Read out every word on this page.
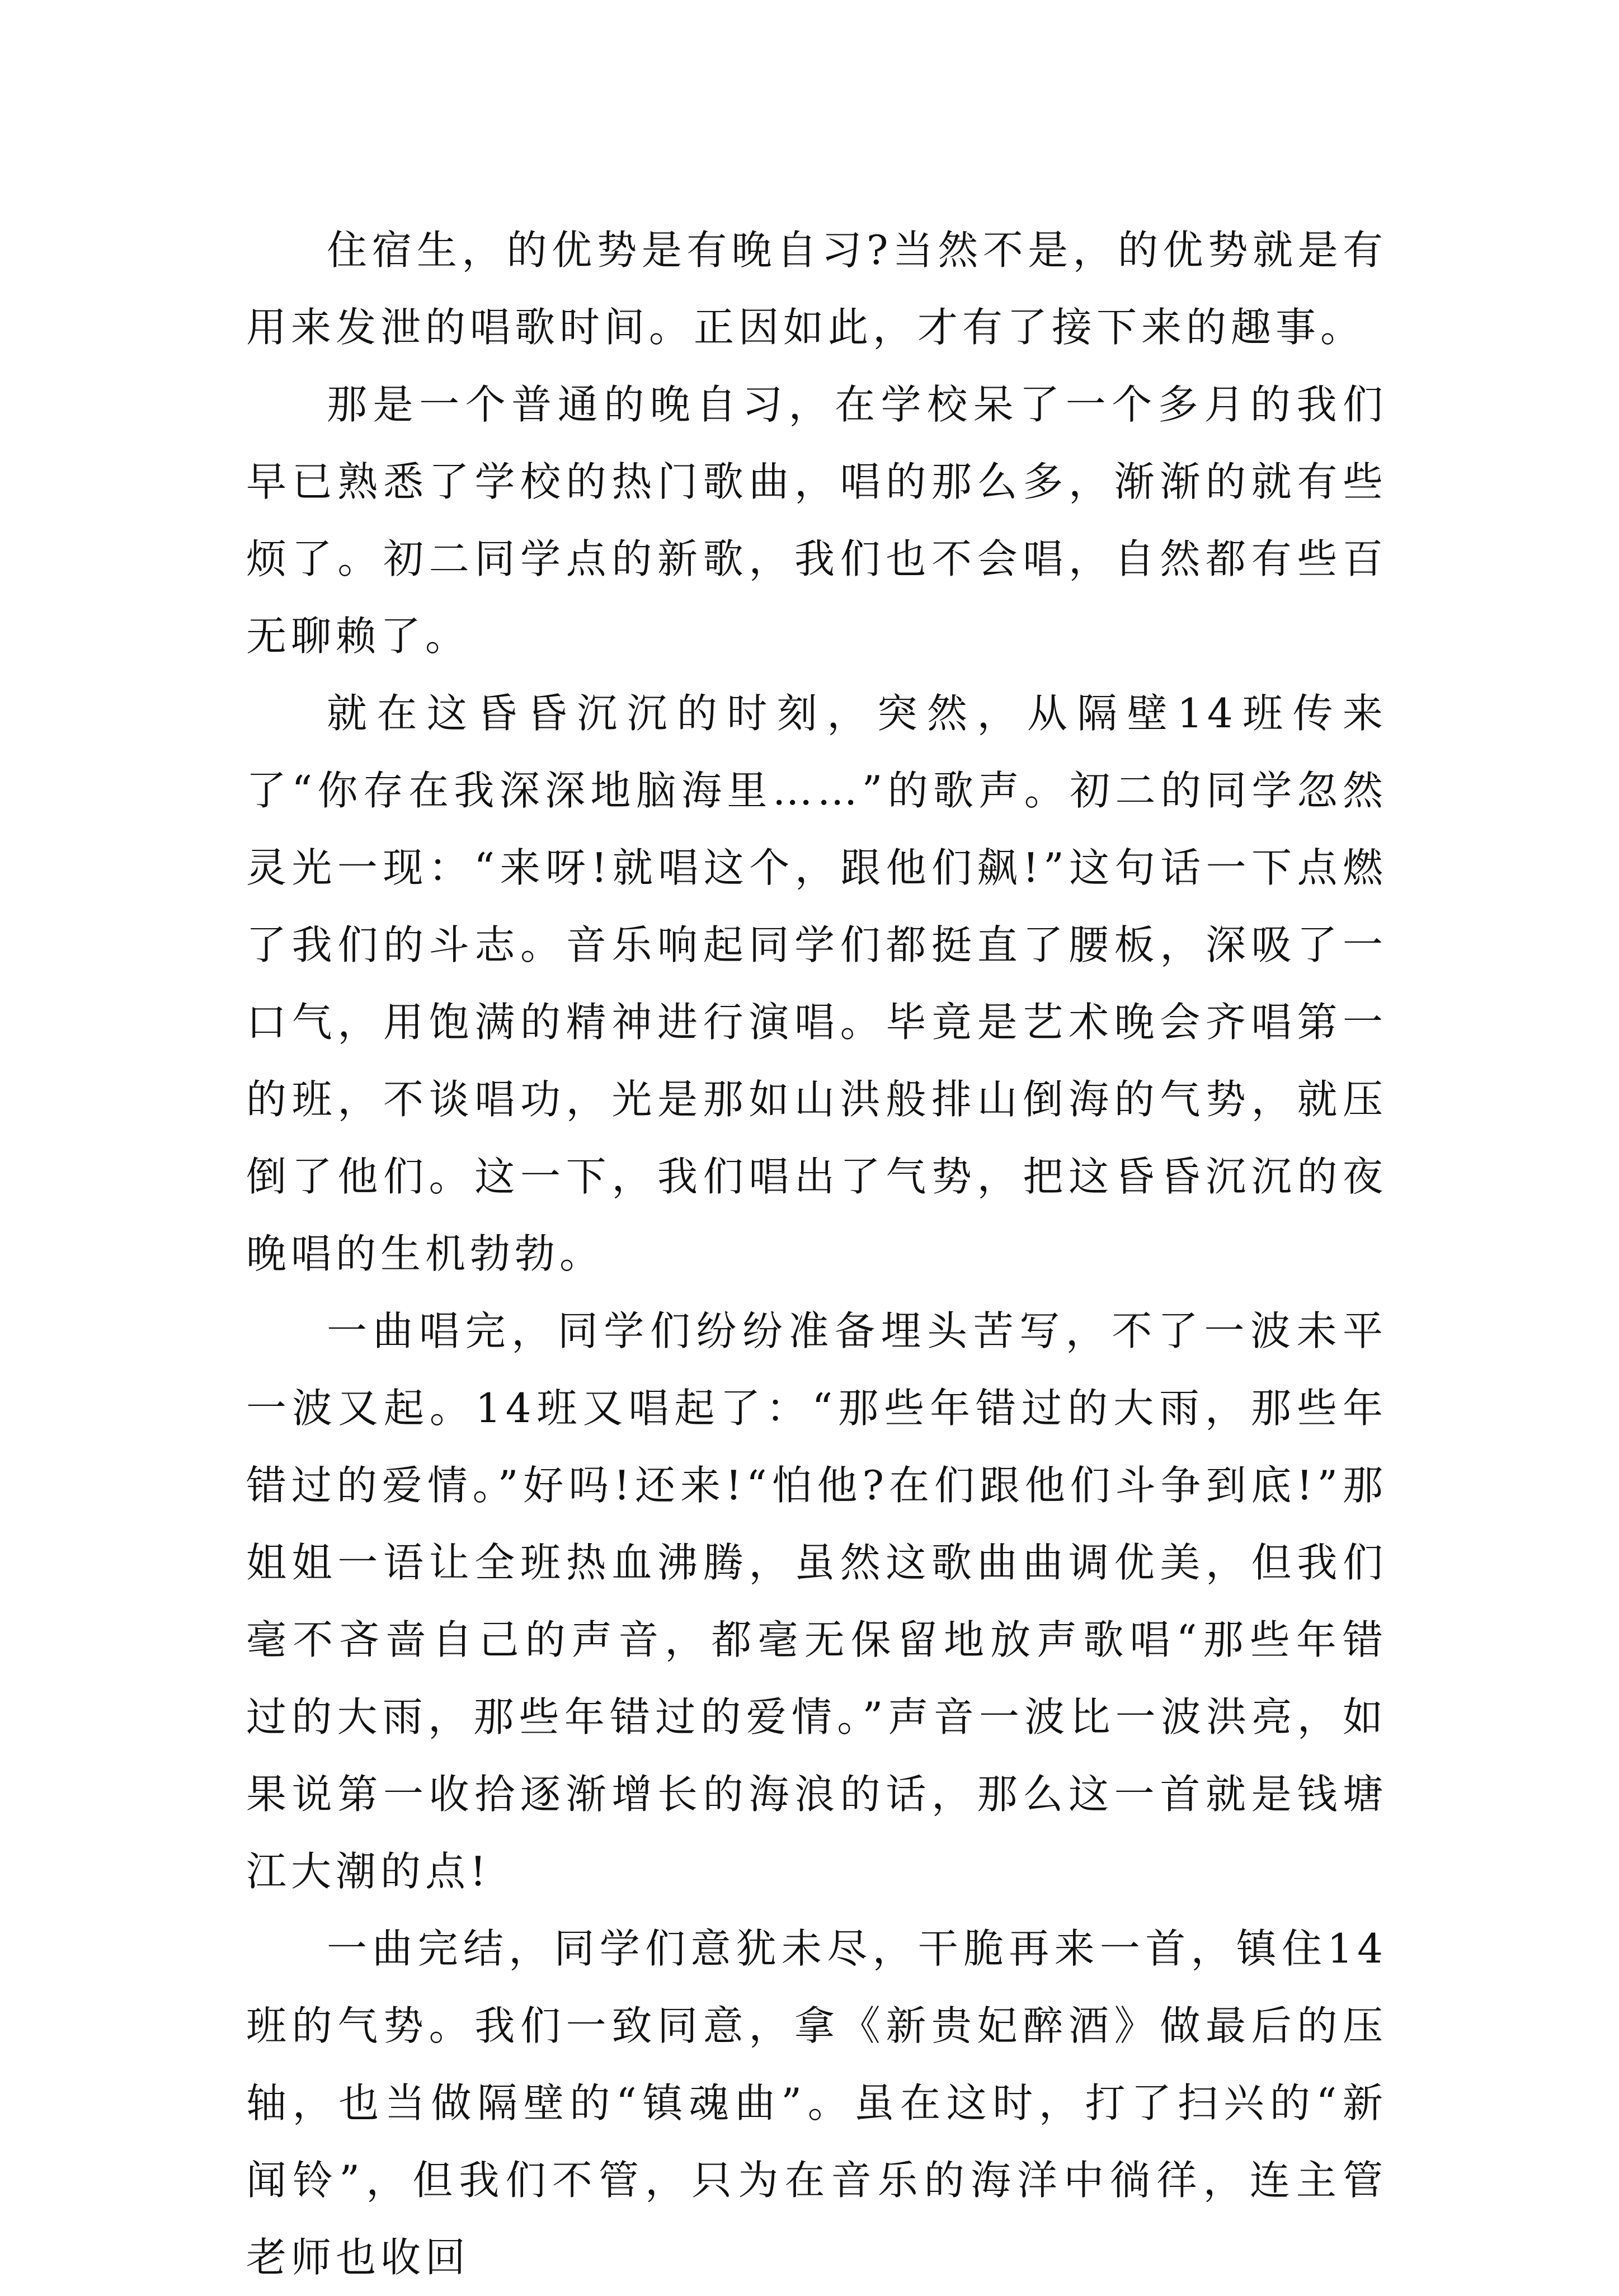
住宿生，的优势是有晚自习?当然不是，的优势就是有用来发泄的唱歌时间。正因如此，才有了接下来的趣事。

那是一个普通的晚自习，在学校呆了一个多月的我们早已熟悉了学校的热门歌曲，唱的那么多，渐渐的就有些烦了。初二同学点的新歌，我们也不会唱，自然都有些百无聊赖了。

就在这昏昏沉沉的时刻，突然，从隔壁14班传来了“你存在我深深地脑海里……”的歌声。初二的同学忽然灵光一现：“来呀!就唱这个，跟他们飙!”这句话一下点燃了我们的斗志。音乐响起同学们都挺直了腰板，深吸了一口气，用饱满的精神进行演唱。毕竟是艺术晚会齐唱第一的班，不谈唱功，光是那如山洪般排山倒海的气势，就压倒了他们。这一下，我们唱出了气势，把这昏昏沉沉的夜晚唱的生机勃勃。

一曲唱完，同学们纷纷准备埋头苦写，不了一波未平一波又起。14班又唱起了：“那些年错过的大雨，那些年错过的爱情。”好吗!还来!“怕他?在们跟他们斗争到底!”那姐姐一语让全班热血沸腾，虽然这歌曲曲调优美，但我们毫不吝啬自己的声音，都毫无保留地放声歌唱“那些年错过的大雨，那些年错过的爱情。”声音一波比一波洪亮，如果说第一收拾逐渐增长的海浪的话，那么这一首就是钱塘江大潮的点!

一曲完结，同学们意犹未尽，干脆再来一首，镇住14班的气势。我们一致同意，拿《新贵妃醉酒》做最后的压轴，也当做隔壁的“镇魂曲”。虽在这时，打了扫兴的“新闻铃”，但我们不管，只为在音乐的海洋中徜徉，连主管老师也收回
